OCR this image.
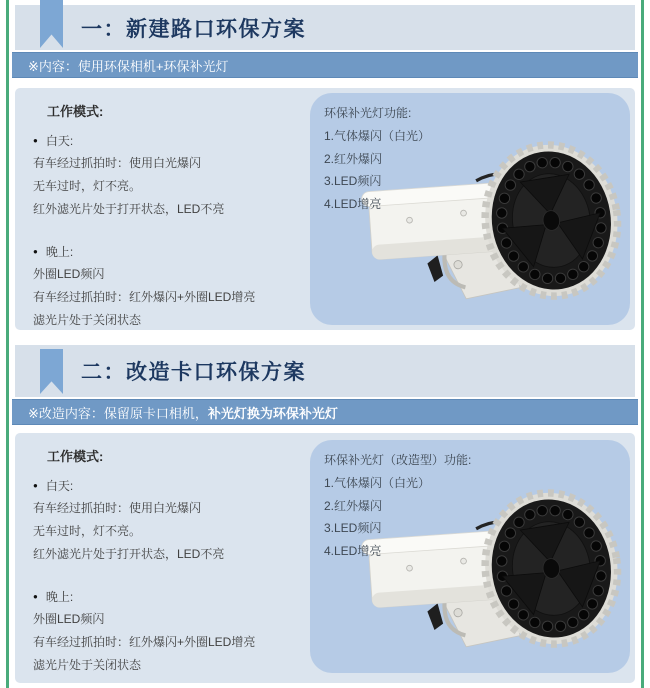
一：新建路口环保方案
※内容：使用环保相机+环保补光灯
工作模式:
● 白天:
有车经过抓拍时：使用白光爆闪
无车过时，灯不亮。
红外滤光片处于打开状态，LED不亮
● 晚上:
外圈LED频闪
有车经过抓拍时：红外爆闪+外圈LED增亮
滤光片处于关闭状态
环保补光灯功能:
1.气体爆闪（白光）
2.红外爆闪
3.LED频闪
4.LED增亮
二：改造卡口环保方案
※改造内容：保留原卡口相机， 补光灯换为环保补光灯
工作模式:
● 白天:
有车经过抓拍时：使用白光爆闪
无车过时，灯不亮。
红外滤光片处于打开状态，LED不亮
● 晚上:
外圈LED频闪
有车经过抓拍时：红外爆闪+外圈LED增亮
滤光片处于关闭状态
环保补光灯（改造型）功能:
1.气体爆闪（白光）
2.红外爆闪
3.LED频闪
4.LED增亮
